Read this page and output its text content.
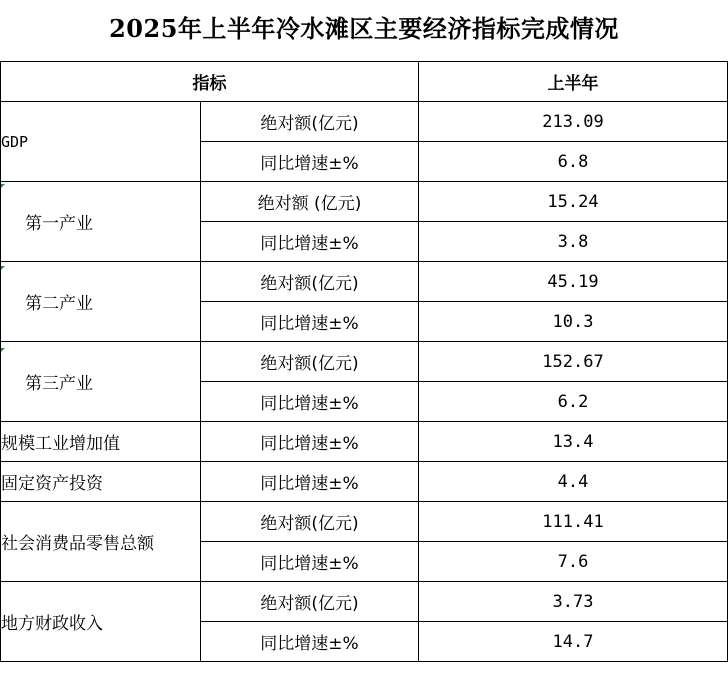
2025年上半年冷水滩区主要经济指标完成情况
指标		上半年
GDP	绝对额(亿元)	213.09
	同比增速±%	6.8
第一产业	绝对额 (亿元)	15.24
	同比增速±%	3.8
第二产业	绝对额(亿元)	45.19
	同比增速±%	10.3
第三产业	绝对额(亿元)	152.67
	同比增速±%	6.2
规模工业增加值	同比增速±%	13.4
固定资产投资	同比增速±%	4.4
社会消费品零售总额	绝对额(亿元)	111.41
	同比增速±%	7.6
地方财政收入	绝对额(亿元)	3.73
	同比增速±%	14.7
